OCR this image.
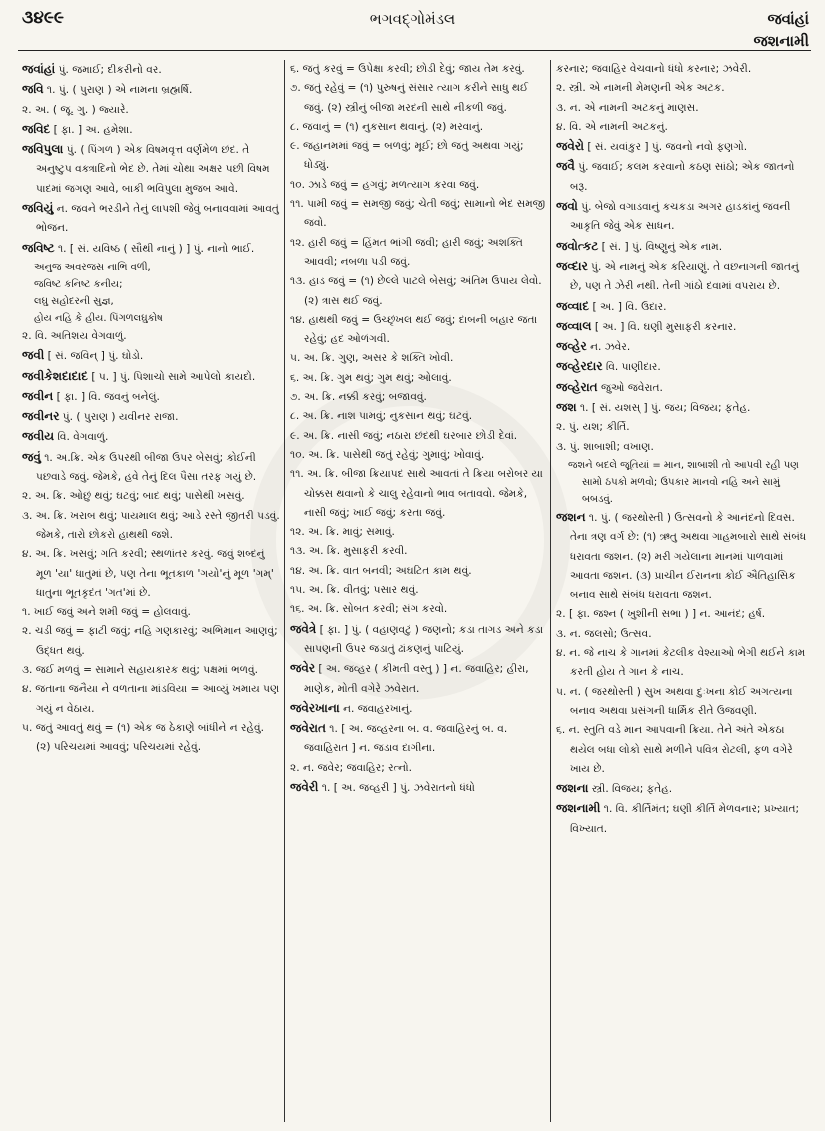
૩૪૯૯	ભગવદ્ગોમંડલ	જવાંહાં
જશનામી

જવાંહાં પું. જમાઈ; દીકરીનો વર.

જવિ ૧. પું. ( પુરાણ ) એ નામના બ્રહ્મર્ષિ.

૨. અ. ( જૂ. ગુ. ) જ્યારે.

જવિદ [ ફા. ] અ. હમેશા.

જવિપુલા પું. ( પિંગળ ) એક વિષમવૃત્ત વર્ણમેળ છંદ. તે અનુષ્ટુપ વક્ત્રાદિનો ભેદ છે. તેમાં ચોથા અક્ષર પછી વિષમ પાદમાં જગણ આવે, બાકી ભવિપુલા મુજબ આવે.

જવિયું ન. જવને ભરડીને તેનું લાપશી જેવું બનાવવામાં આવતું ભોજન.

જવિષ્ટ ૧. [ સં. યવિષ્ઠ ( સૌથી નાનું ) ] પું. નાનો ભાઈ.

અનુજ અવરજસ નાભિ વળી,

જવિષ્ટ કનિષ્ટ કનીય;

લઘુ સહોદરની સુજ્ઞ,

હોય નહિ કે હીય. પિંગળલઘુકોષ

૨. વિ. અતિશય વેગવાળું.

જવી [ સં. જવિન્ ] પું. ઘોડો.

જવીકેશદાદાદ [ પ. ] પું. પિશાચો સામે આપેલો કાયદો.

જવીન [ ફા. ] વિ. જવનું બનેલું.

જવીનર પું. ( પુરાણ ) યવીનર રાજા.

જવીય વિ. વેગવાળું.

જવું ૧. અ.ક્રિ. એક ઉપરથી બીજા ઉપર બેસવું; કોઈની પછવાડે જવું. જેમકે, હવે તેનું દિલ પૈસા તરફ ગયું છે.

૨. અ. ક્રિ. ઓછું થવું; ઘટવું; બાદ થવું; પાસેથી ખસવું.

૩. અ. ક્રિ. ખરાબ થવું; પાયમાલ થવું; આડે રસ્તે જીતરી પડવું. જેમકે, તારો છોકરો હાથથી જશે.

૪. અ. ક્રિ. ખસવું; ગતિ કરવી; સ્થળાંતર કરવું. જવું શબ્દનું મૂળ 'યા' ધાતુમાં છે, પણ તેના ભૂતકાળ 'ગયો'નું મૂળ 'ગમ્' ધાતુના ભૂતકૃદંત 'ગત'માં છે.

૧. ખાઈ જવું અને શમી જવું = હોલવાવું.

૨. ચડી જવું = ફાટી જવું; નહિ ગણકારવું; અભિમાન આણવું; ઉદ્ધત થવું.

૩. જઈ મળવું = સામાને સહાયકારક થવું; પક્ષમાં ભળવું.

૪. જતાના જનૈયા ને વળતાના માંડવિયા = આવ્યું ખમાય પણ ગયું ન વેઠાય.

૫. જતું આવતું થવું = (૧) એક જ ઠેકાણે બાંધીને ન રહેવું. (૨) પરિચયમાં આવવું; પરિચયમાં રહેવું.

૬. જતું કરવું = ઉપેક્ષા કરવી; છોડી દેવું; જાય તેમ કરવું.

૭. જતું રહેવું = (૧) પુરુષનું સંસાર ત્યાગ કરીને સાધુ થઈ જવું. (૨) સ્ત્રીનું બીજા મરદની સાથે નીકળી જવું.

૮. જવાનું = (૧) નુકસાન થવાનું. (૨) મરવાનું.

૯. જહાનમમાં જવું = બળવું; મૂઈ; છો જતું અથવા ગયું; ધોડ્યું.

૧૦. ઝાડે જવું = હગવું; મળત્યાગ કરવા જવું.

૧૧. પામી જવું = સમજી જવું; ચેતી જવું; સામાનો ભેદ સમજી જવો.

૧૨. હારી જવું = હિંમત ભાંગી જવી; હારી જવું; અશક્તિ આવવી; નબળા પડી જવું.

૧૩. હાડ જવું = (૧) છેલ્લે પાટલે બેસવું; અંતિમ ઉપાય લેવો. (૨) ત્રાસ થઈ જવું.

૧૪. હાથથી જવું = ઉચ્છૃંખલ થઈ જવું; દાબની બહાર જતા રહેવું; હદ ઓળંગવી.

૫. અ. ક્રિ. ગુણ, અસર કે શક્તિ ખોવી.

૬. અ. ક્રિ. ગુમ થવું; ગુમ થવું; ઓલાવું.

૭. અ. ક્રિ. નક્કી કરવું; બજાવવું.

૮. અ. ક્રિ. નાશ પામવું; નુકસાન થવું; ઘટવું.

૯. અ. ક્રિ. નાસી જવું; નઠારા છંદથી ઘરબાર છોડી દેવાં.

૧૦. અ. ક્રિ. પાસેથી જતું રહેવું; ગુમાવું; ખોવાવું.

૧૧. અ. ક્રિ. બીજા ક્રિયાપદ સાથે આવતાં તે ક્રિયા બરોબર યા ચોક્કસ થવાનો કે ચાલુ રહેવાનો ભાવ બતાવવો. જેમકે, નાસી જવું; ખાઈ જવું; કરતા જવું.

૧૨. અ. ક્રિ. માવું; સમાવું.

૧૩. અ. ક્રિ. મુસાફરી કરવી.

૧૪. અ. ક્રિ. વાત બનવી; અઘટિત કામ થવું.

૧૫. અ. ક્રિ. વીતવું; પસાર થવું.

૧૬. અ. ક્રિ. સોબત કરવી; સંગ કરવો.

જવેત્રે [ ફા. ] પું. ( વહાણવટું ) જણનો; કડા તાગડ અને કડા સાપણની ઉપર જડાતું ઢાંકણનું પાટિયું.

જવેર [ અ. જવ્હર ( કીમતી વસ્તુ ) ] ન. જવાહિર; હીરા, માણેક, મોતી વગેરે ઝવેરાત.

જવેરખાના ન. જવાહરખાનું.

જવેરાત ૧. [ અ. જવ્હરના બ. વ. જવાહિરનું બ. વ. જવાહિરાત ] ન. જડાવ દાગીના.

૨. ન. જવેર; જવાહિર; રત્નો.

જવેરી ૧. [ અ. જવ્હરી ] પું. ઝવેરાતનો ધંધો

કરનાર; જવાહિર વેચવાનો ધંધો કરનાર; ઝવેરી.

૨. સ્ત્રી. એ નામની મેમણની એક અટક.

૩. ન. એ નામની અટકનું માણસ.

૪. વિ. એ નામની અટકનું.

જવેરો [ સં. યવાંકુર ] પું. જવનો નવો ફણગો.

જવૈ પું. જવાઈ; કલમ કરવાનો કઠણ સાંઠો; એક જાતનો બરૂ.

જવો પું. બેજો વગાડવાનું કચકડા અગર હાડકાંનું જવની આકૃતિ જેવું એક સાધન.

જવોત્કટ [ સં. ] પું. વિષ્ણુનું એક નામ.

જવ્દાર પું. એ નામનું એક કરિયાણું. તે વછનાગની જાતનું છે, પણ તે ઝેરી નથી. તેની ગાંઠો દવામાં વપરાય છે.

જવ્વાદ [ અ. ] વિ. ઉદાર.

જવ્વાલ [ અ. ] વિ. ઘણી મુસાફરી કરનાર.

જવ્હેર ન. ઝવેર.

જવ્હેરદાર વિ. પાણીદાર.

જવ્હેરાત જુઓ જવેરાત.

જશ ૧. [ સં. યશસ્ ] પું. જય; વિજય; ફતેહ.

૨. પું. યશ; કીર્તિ.

૩. પું. શાબાશી; વખાણ.

જશને બદલે જૂતિયાં = માન, શાબાશી તો આપવી રહી પણ સામો ઠપકો મળવો; ઉપકાર માનવો નહિ અને સામું બબડવું.

જશન ૧. પું. ( જરથોસ્તી ) ઉત્સવનો કે આનંદનો દિવસ. તેના ત્રણ વર્ગ છે: (૧) ઋતુ અથવા ગાહમબારો સાથે સંબંધ ધરાવતા જશન. (૨) મરી ગયેલાના માનમાં પાળવામાં આવતા જશન. (૩) પ્રાચીન ઈરાનના કોઈ ઐતિહાસિક બનાવ સાથે સંબંધ ધરાવતા જશન.

૨. [ ફા. જશ્ન ( ખુશીની સભા ) ] ન. આનંદ; હર્ષ.

૩. ન. જલસો; ઉત્સવ.

૪. ન. જે નાચ કે ગાનમાં કેટલીક વેશ્યાઓ ભેગી થઈને કામ કરતી હોય તે ગાન કે નાચ.

૫. ન. ( જરથોસ્તી ) સુખ અથવા દુઃખના કોઈ અગત્યના બનાવ અથવા પ્રસંગની ધાર્મિક રીતે ઉજવણી.

૬. ન. સ્તુતિ વડે માન આપવાની ક્રિયા. તેને અંતે એકઠા થયેલ બધા લોકો સાથે મળીને પવિત્ર રોટલી, ફળ વગેરે ખાય છે.

જશના સ્ત્રી. વિજય; ફતેહ.

જશનામી ૧. વિ. કીર્તિમંત; ઘણી કીર્તિ મેળવનાર; પ્રખ્યાત; વિખ્યાત.
